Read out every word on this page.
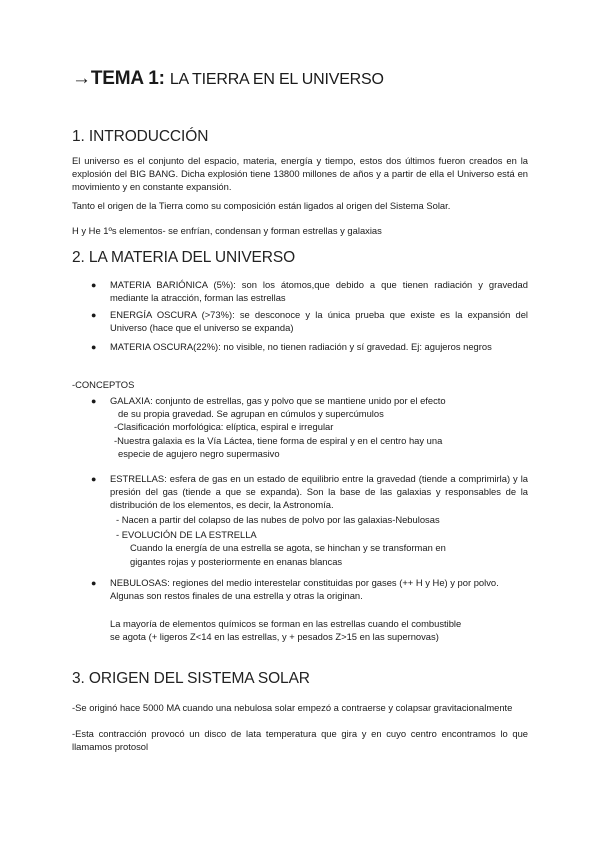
→TEMA 1: LA TIERRA EN EL UNIVERSO
1. INTRODUCCIÓN
El universo es el conjunto del espacio, materia, energía y tiempo, estos dos últimos fueron creados en la explosión del BIG BANG. Dicha explosión tiene 13800 millones de años y a partir de ella el Universo está en movimiento y en constante expansión.
Tanto el origen de la Tierra como su composición están ligados al origen del Sistema Solar.
H y He 1ºs elementos- se enfrían, condensan y forman estrellas y galaxias
2. LA MATERIA DEL UNIVERSO
● MATERIA BARIÓNICA (5%): son los átomos,que debido a que tienen radiación y gravedad mediante la atracción, forman las estrellas
● ENERGÍA OSCURA (>73%): se desconoce y la única prueba que existe es la expansión del Universo (hace que el universo se expanda)
● MATERIA OSCURA(22%): no visible, no tienen radiación y sí gravedad. Ej: agujeros negros
-CONCEPTOS
● GALAXIA: conjunto de estrellas, gas y polvo que se mantiene unido por el efecto
de su propia gravedad. Se agrupan en cúmulos y supercúmulos
-Clasificación morfológica: elíptica, espiral e irregular
-Nuestra galaxia es la Vía Láctea, tiene forma de espiral y en el centro hay una
especie de agujero negro supermasivo
● ESTRELLAS: esfera de gas en un estado de equilibrio entre la gravedad (tiende a comprimirla) y la presión del gas (tiende a que se expanda). Son la base de las galaxias y responsables de la distribución de los elementos, es decir, la Astronomía.
- Nacen a partir del colapso de las nubes de polvo por las galaxias-Nebulosas
- EVOLUCIÓN DE LA ESTRELLA
Cuando la energía de una estrella se agota, se hinchan y se transforman en
gigantes rojas y posteriormente en enanas blancas
● NEBULOSAS: regiones del medio interestelar constituidas por gases (++ H y He) y por polvo. Algunas son restos finales de una estrella y otras la originan.
La mayoría de elementos químicos se forman en las estrellas cuando el combustible
se agota (+ ligeros Z<14 en las estrellas, y + pesados Z>15 en las supernovas)
3. ORIGEN DEL SISTEMA SOLAR
-Se originó hace 5000 MA cuando una nebulosa solar empezó a contraerse y colapsar gravitacionalmente
-Esta contracción provocó un disco de lata temperatura que gira y en cuyo centro encontramos lo que llamamos protosol
